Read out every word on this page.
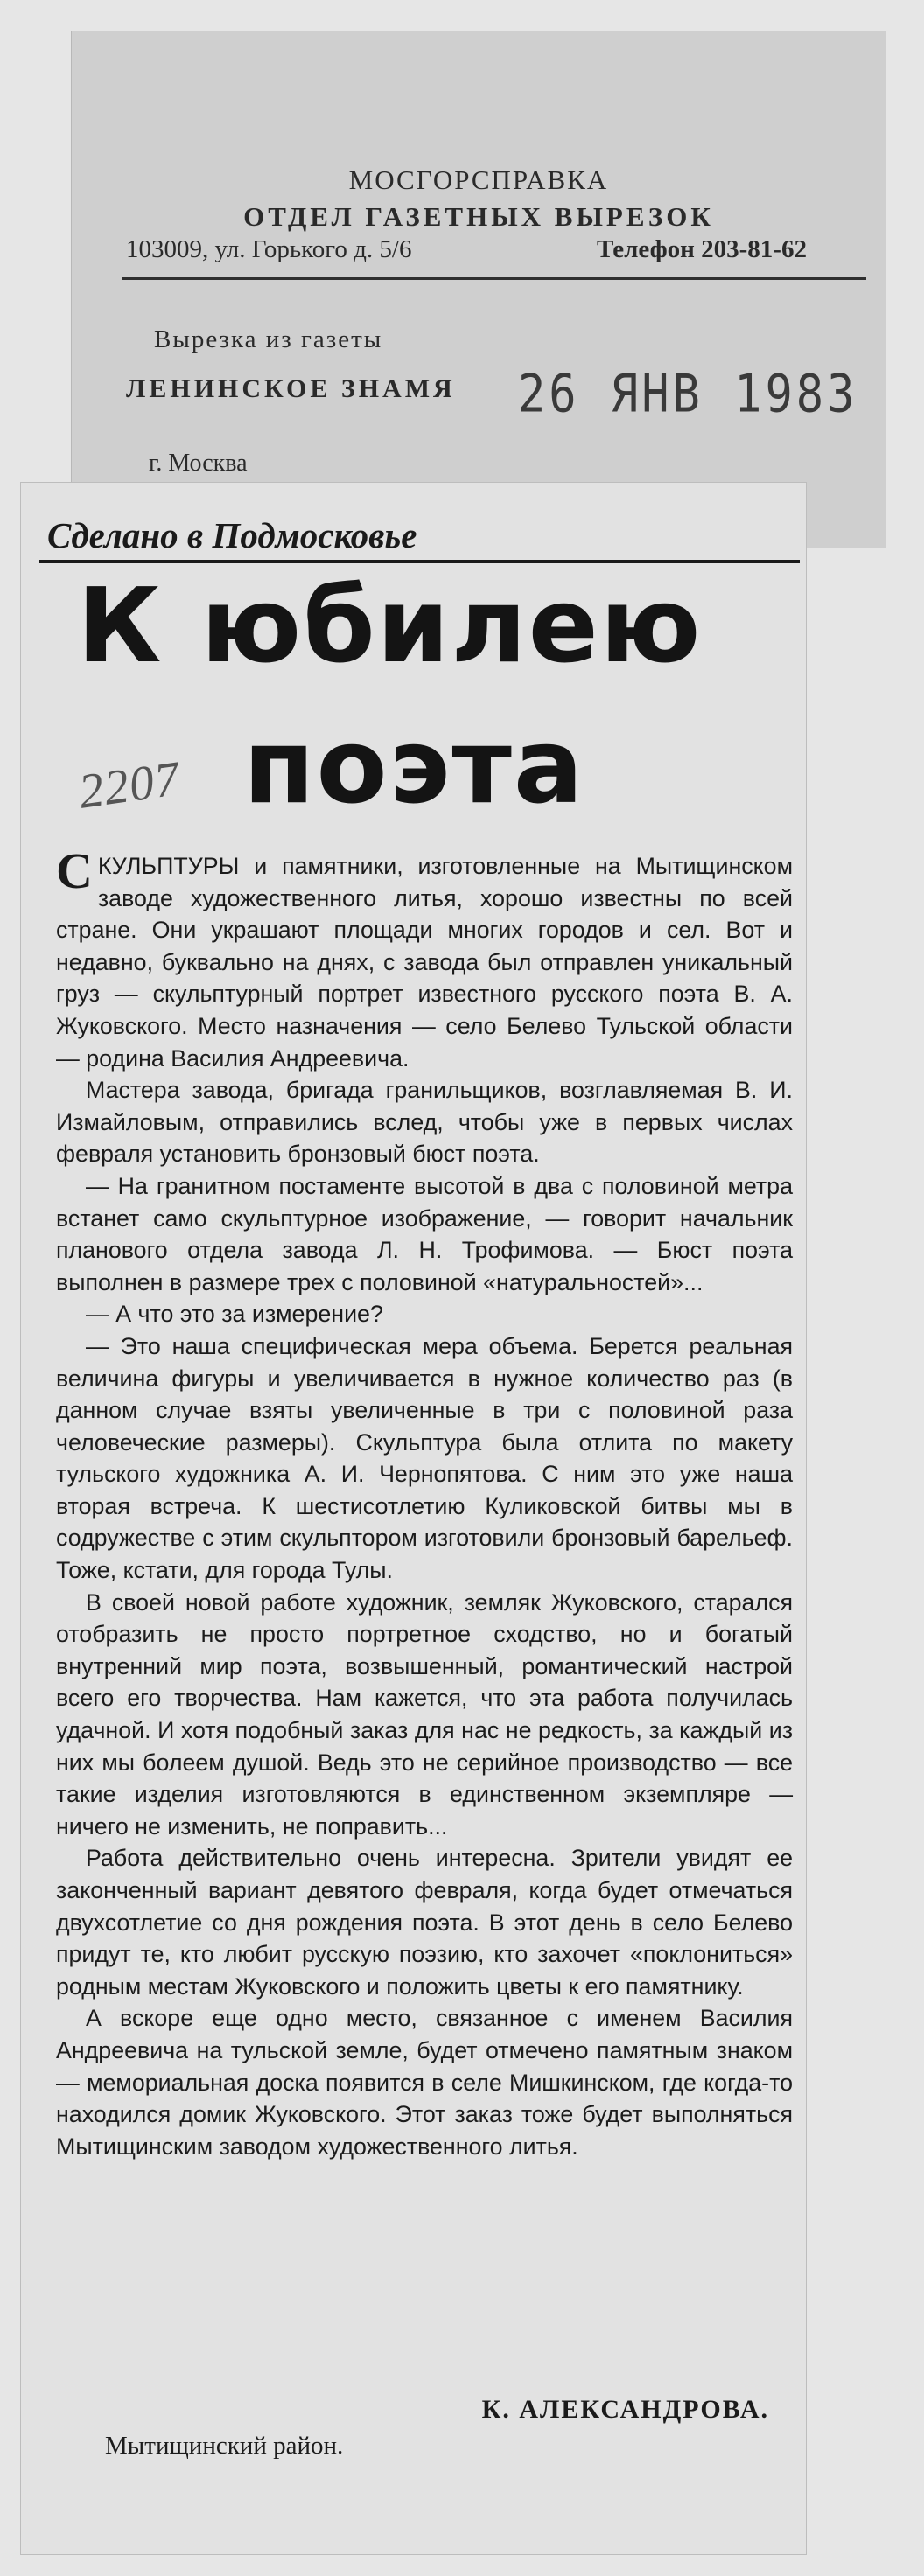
МОСГОРСПРАВКА
ОТДЕЛ ГАЗЕТНЫХ ВЫРЕЗОК
103009, ул. Горького д. 5/6	Телефон 203-81-62
Вырезка из газеты
ЛЕНИНСКОЕ ЗНАМЯ 26 ЯНВ 1983
г. Москва
Сделано в Подмосковье
К юбилею
поэта
2207

СКУЛЬПТУРЫ и памятники, изготовленные на Мытищинском заводе художественного литья, хорошо известны по всей стране. Они украшают площади многих городов и сел. Вот и недавно, буквально на днях, с завода был отправлен уникальный груз — скульптурный портрет известного русского поэта В. А. Жуковского. Место назначения — село Белево Тульской области — родина Василия Андреевича.

Мастера завода, бригада гранильщиков, возглавляемая В. И. Измайловым, отправились вслед, чтобы уже в первых числах февраля установить бронзовый бюст поэта.

— На гранитном постаменте высотой в два с половиной метра встанет само скульптурное изображение, — говорит начальник планового отдела завода Л. Н. Трофимова. — Бюст поэта выполнен в размере трех с половиной «натуральностей»...

— А что это за измерение?

— Это наша специфическая мера объема. Берется реальная величина фигуры и увеличивается в нужное количество раз (в данном случае взяты увеличенные в три с половиной раза человеческие размеры). Скульптура была отлита по макету тульского художника А. И. Чернопятова. С ним это уже наша вторая встреча. К шестисотлетию Куликовской битвы мы в содружестве с этим скульптором изготовили бронзовый барельеф. Тоже, кстати, для города Тулы.

В своей новой работе художник, земляк Жуковского, старался отобразить не просто портретное сходство, но и богатый внутренний мир поэта, возвышенный, романтический настрой всего его творчества. Нам кажется, что эта работа получилась удачной. И хотя подобный заказ для нас не редкость, за каждый из них мы болеем душой. Ведь это не серийное производство — все такие изделия изготовляются в единственном экземпляре — ничего не изменить, не поправить...

Работа действительно очень интересна. Зрители увидят ее законченный вариант девятого февраля, когда будет отмечаться двухсотлетие со дня рождения поэта. В этот день в село Белево придут те, кто любит русскую поэзию, кто захочет «поклониться» родным местам Жуковского и положить цветы к его памятнику.

А вскоре еще одно место, связанное с именем Василия Андреевича на тульской земле, будет отмечено памятным знаком — мемориальная доска появится в селе Мишкинском, где когда-то находился домик Жуковского. Этот заказ тоже будет выполняться Мытищинским заводом художественного литья.

К. АЛЕКСАНДРОВА.
Мытищинский район.
